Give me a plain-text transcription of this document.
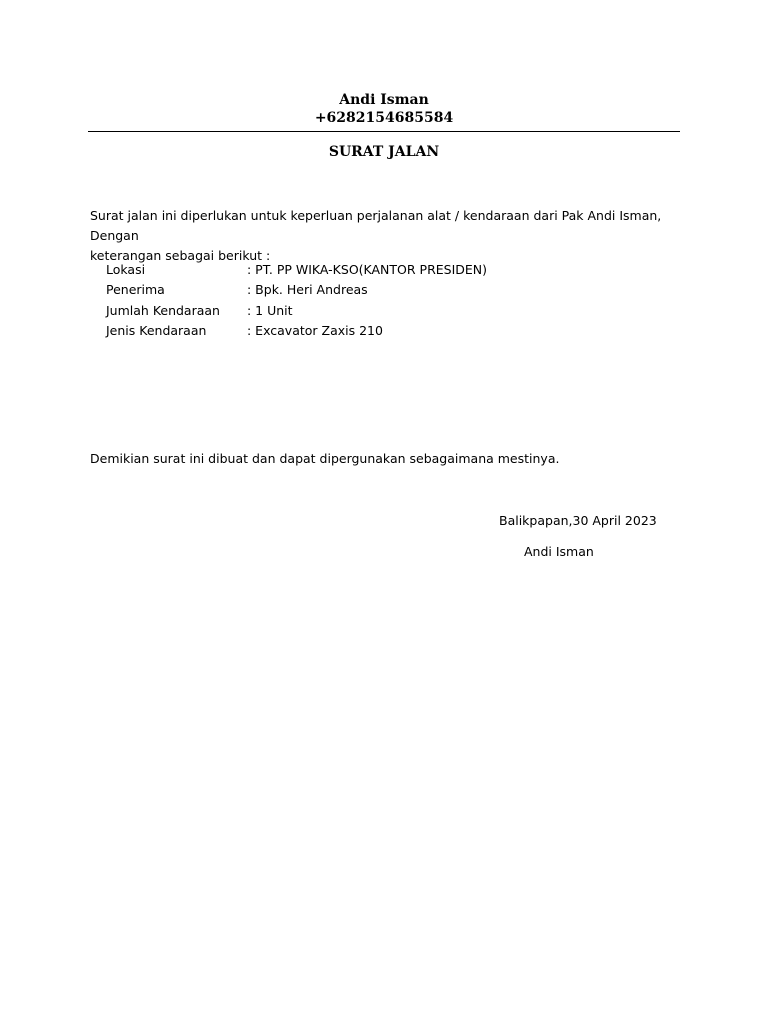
Andi Isman
+6282154685584
SURAT JALAN
Surat jalan ini diperlukan untuk keperluan perjalanan alat / kendaraan dari Pak Andi Isman, Dengan
keterangan sebagai berikut :
Lokasi	: PT. PP WIKA-KSO(KANTOR PRESIDEN)
Penerima	: Bpk. Heri Andreas
Jumlah Kendaraan	: 1 Unit
Jenis Kendaraan	: Excavator Zaxis 210
Demikian surat ini dibuat dan dapat dipergunakan sebagaimana mestinya.
Balikpapan,30 April 2023
Andi Isman
